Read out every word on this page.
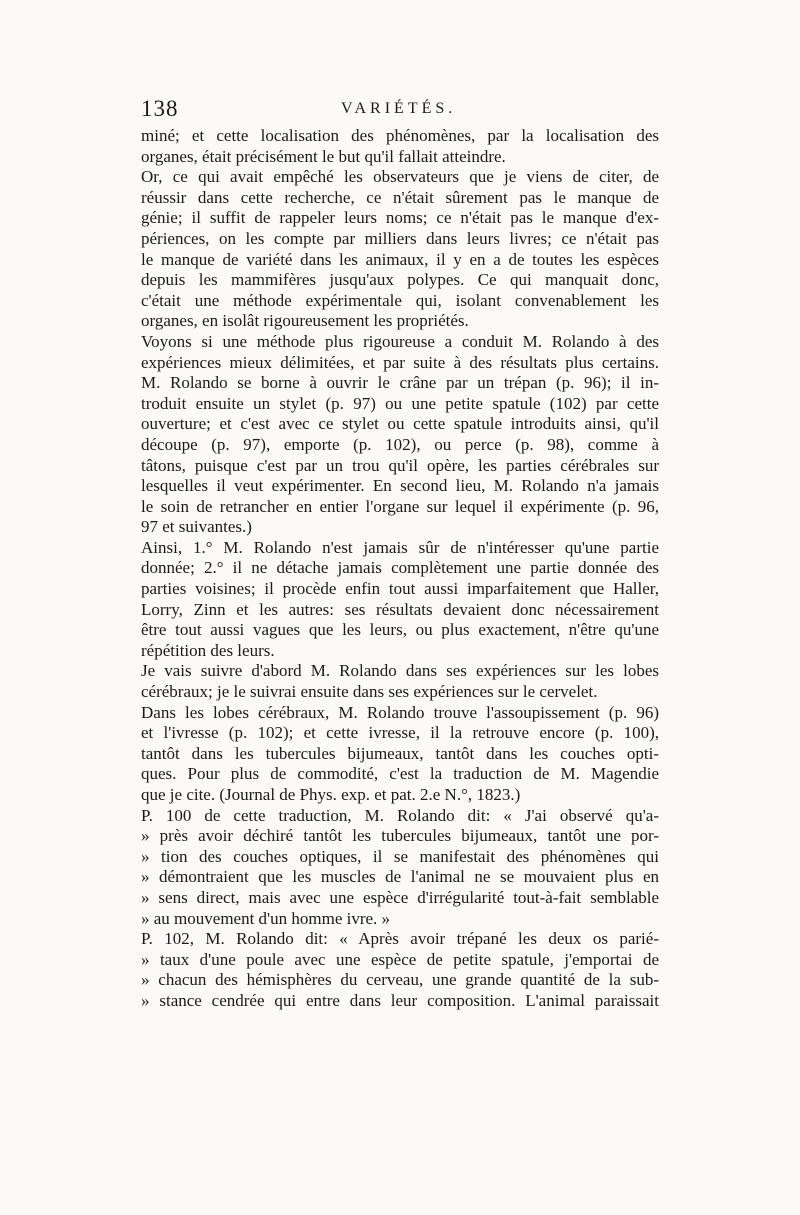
138	VARIÉTÉS.
miné; et cette localisation des phénomènes, par la localisation des
organes, était précisément le but qu'il fallait atteindre.
Or, ce qui avait empêché les observateurs que je viens de citer, de
réussir dans cette recherche, ce n'était sûrement pas le manque de
génie; il suffit de rappeler leurs noms; ce n'était pas le manque d'ex-
périences, on les compte par milliers dans leurs livres; ce n'était pas
le manque de variété dans les animaux, il y en a de toutes les espèces
depuis les mammifères jusqu'aux polypes. Ce qui manquait donc,
c'était une méthode expérimentale qui, isolant convenablement les
organes, en isolât rigoureusement les propriétés.
Voyons si une méthode plus rigoureuse a conduit M. Rolando à des
expériences mieux délimitées, et par suite à des résultats plus certains.
M. Rolando se borne à ouvrir le crâne par un trépan (p. 96); il in-
troduit ensuite un stylet (p. 97) ou une petite spatule (102) par cette
ouverture; et c'est avec ce stylet ou cette spatule introduits ainsi, qu'il
découpe (p. 97), emporte (p. 102), ou perce (p. 98), comme à
tâtons, puisque c'est par un trou qu'il opère, les parties cérébrales sur
lesquelles il veut expérimenter. En second lieu, M. Rolando n'a jamais
le soin de retrancher en entier l'organe sur lequel il expérimente (p. 96,
97 et suivantes.)
Ainsi, 1.° M. Rolando n'est jamais sûr de n'intéresser qu'une partie
donnée; 2.° il ne détache jamais complètement une partie donnée des
parties voisines; il procède enfin tout aussi imparfaitement que Haller,
Lorry, Zinn et les autres: ses résultats devaient donc nécessairement
être tout aussi vagues que les leurs, ou plus exactement, n'être qu'une
répétition des leurs.
Je vais suivre d'abord M. Rolando dans ses expériences sur les lobes
cérébraux; je le suivrai ensuite dans ses expériences sur le cervelet.
Dans les lobes cérébraux, M. Rolando trouve l'assoupissement (p. 96)
et l'ivresse (p. 102); et cette ivresse, il la retrouve encore (p. 100),
tantôt dans les tubercules bijumeaux, tantôt dans les couches opti-
ques. Pour plus de commodité, c'est la traduction de M. Magendie
que je cite. (Journal de Phys. exp. et pat. 2.e N.°, 1823.)
P. 100 de cette traduction, M. Rolando dit: « J'ai observé qu'a-
» près avoir déchiré tantôt les tubercules bijumeaux, tantôt une por-
» tion des couches optiques, il se manifestait des phénomènes qui
» démontraient que les muscles de l'animal ne se mouvaient plus en
» sens direct, mais avec une espèce d'irrégularité tout-à-fait semblable
» au mouvement d'un homme ivre. »
P. 102, M. Rolando dit: « Après avoir trépané les deux os parié-
» taux d'une poule avec une espèce de petite spatule, j'emportai de
» chacun des hémisphères du cerveau, une grande quantité de la sub-
» stance cendrée qui entre dans leur composition. L'animal paraissait
